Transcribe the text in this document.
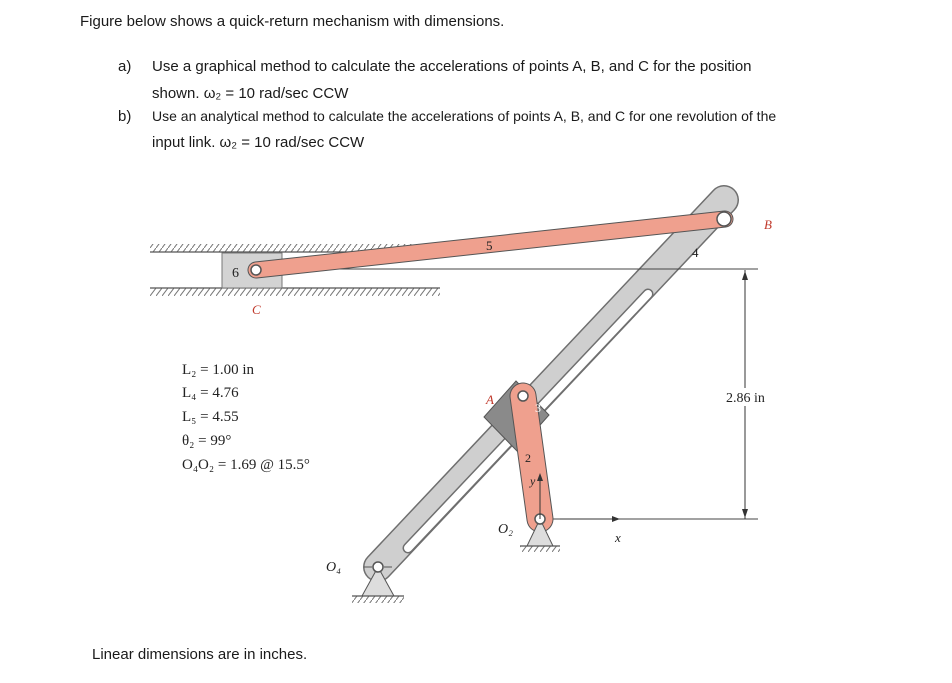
Figure below shows a quick-return mechanism with dimensions.
a) Use a graphical method to calculate the accelerations of points A, B, and C for the position
shown. ω₂ = 10 rad/sec CCW
b) Use an analytical method to calculate the accelerations of points A, B, and C for one revolution of the
input link. ω₂ = 10 rad/sec CCW
2.86 in
B
C
A
6
5	4
3
2
O₂
O₄
x
y
L₂ = 1.00 in
L₄ = 4.76
L₅ = 4.55
θ₂ = 99°
O₄O₂ = 1.69 @ 15.5°
Linear dimensions are in inches.
